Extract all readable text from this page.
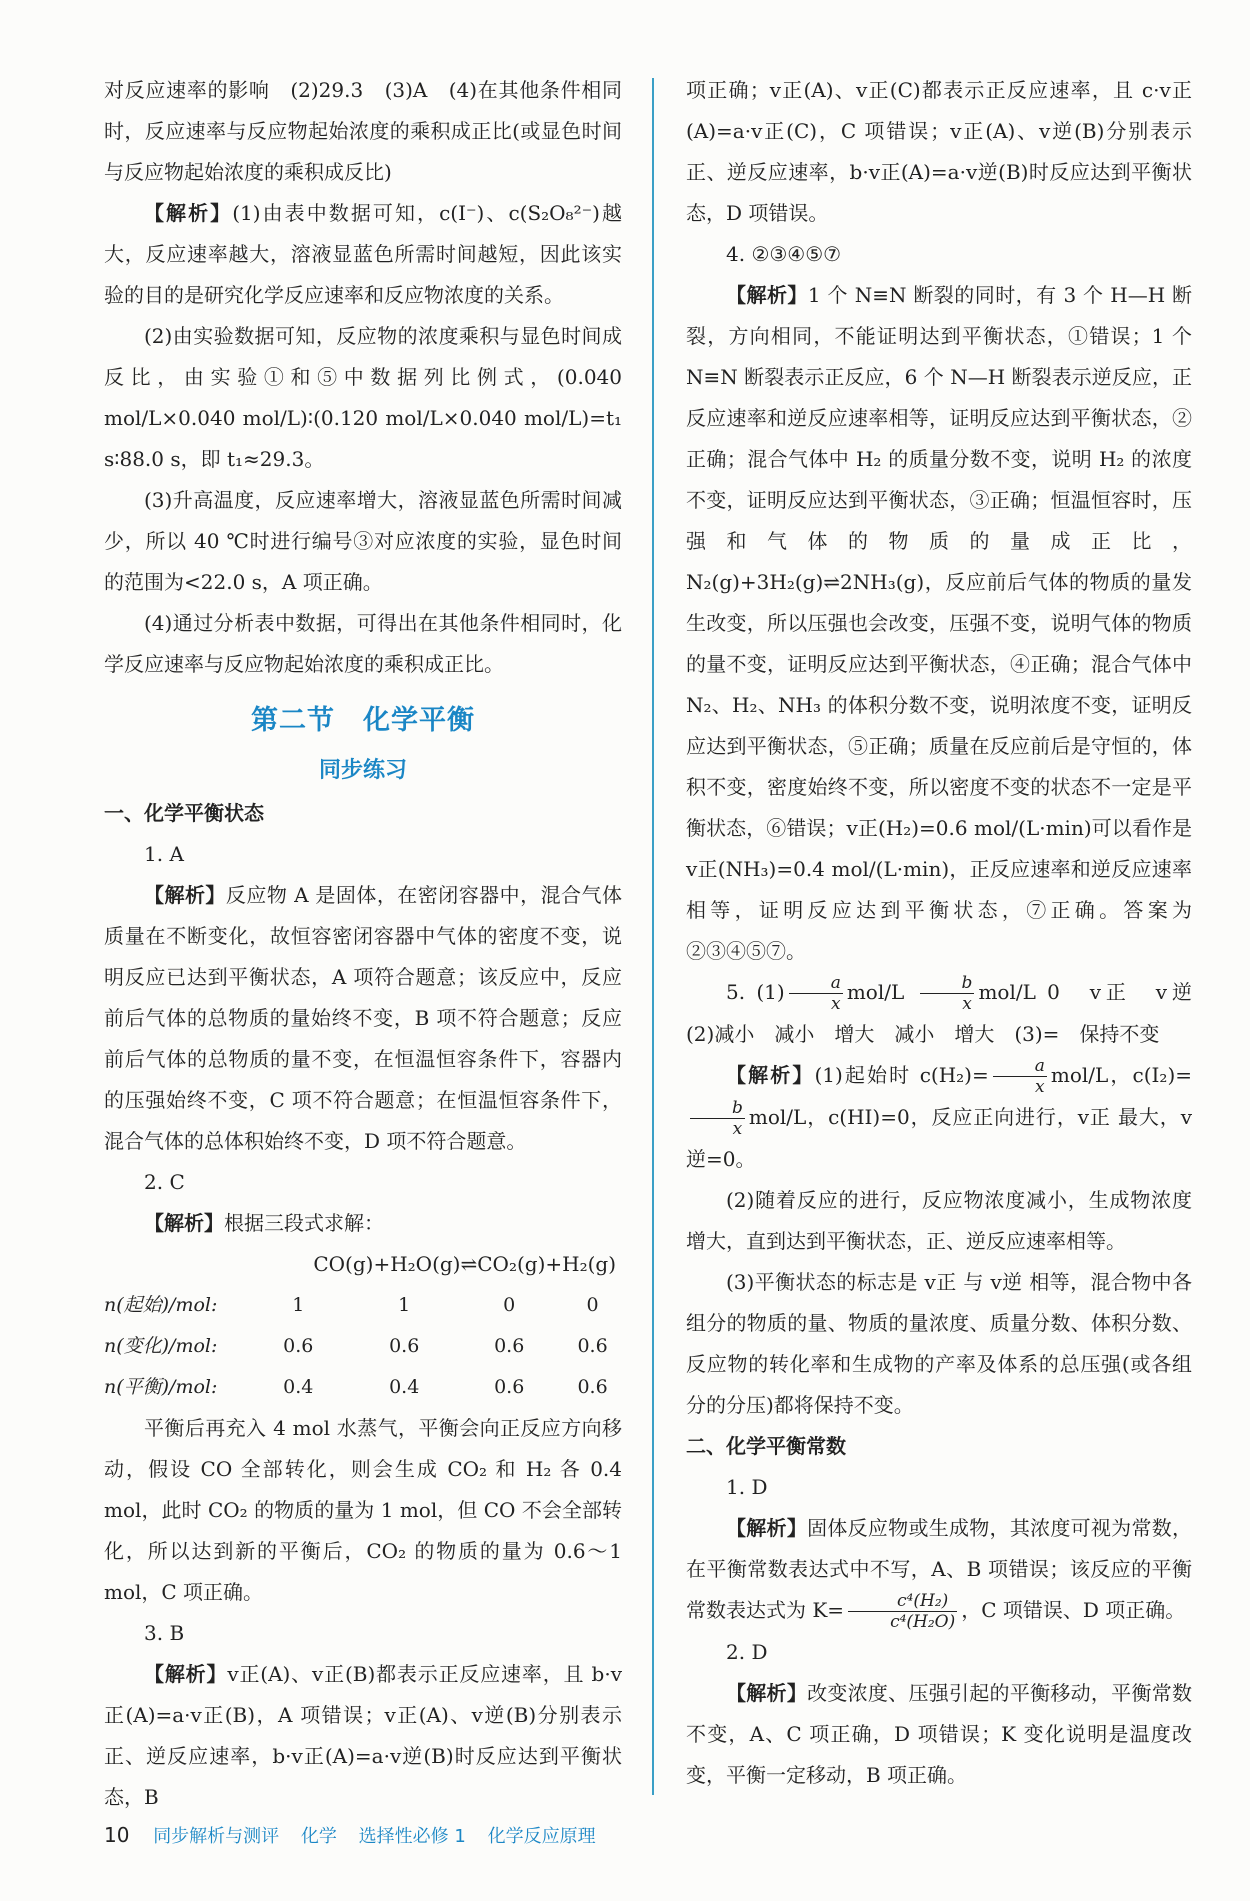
对反应速率的影响　(2)29.3　(3)A　(4)在其他条件相同时，反应速率与反应物起始浓度的乘积成正比(或显色时间与反应物起始浓度的乘积成反比)

【解析】(1)由表中数据可知，c(I⁻)、c(S₂O₈²⁻)越大，反应速率越大，溶液显蓝色所需时间越短，因此该实验的目的是研究化学反应速率和反应物浓度的关系。

(2)由实验数据可知，反应物的浓度乘积与显色时间成反比，由实验①和⑤中数据列比例式，(0.040 mol/L×0.040 mol/L)∶(0.120 mol/L×0.040 mol/L)=t₁ s∶88.0 s，即 t₁≈29.3。

(3)升高温度，反应速率增大，溶液显蓝色所需时间减少，所以 40 ℃时进行编号③对应浓度的实验，显色时间的范围为<22.0 s，A 项正确。

(4)通过分析表中数据，可得出在其他条件相同时，化学反应速率与反应物起始浓度的乘积成正比。

第二节　化学平衡
同步练习

一、化学平衡状态

1. A

【解析】反应物 A 是固体，在密闭容器中，混合气体质量在不断变化，故恒容密闭容器中气体的密度不变，说明反应已达到平衡状态，A 项符合题意；该反应中，反应前后气体的总物质的量始终不变，B 项不符合题意；反应前后气体的总物质的量不变，在恒温恒容条件下，容器内的压强始终不变，C 项不符合题意；在恒温恒容条件下，混合气体的总体积始终不变，D 项不符合题意。

2. C

【解析】根据三段式求解：

CO(g)+H₂O(g)⇌CO₂(g)+H₂(g)

n(起始)/mol:	1	1	0	0
n(变化)/mol:	0.6	0.6	0.6	0.6
n(平衡)/mol:	0.4	0.4	0.6	0.6

平衡后再充入 4 mol 水蒸气，平衡会向正反应方向移动，假设 CO 全部转化，则会生成 CO₂ 和 H₂ 各 0.4 mol，此时 CO₂ 的物质的量为 1 mol，但 CO 不会全部转化，所以达到新的平衡后，CO₂ 的物质的量为 0.6～1 mol，C 项正确。

3. B

【解析】v正(A)、v正(B)都表示正反应速率，且 b·v正(A)=a·v正(B)，A 项错误；v正(A)、v逆(B)分别表示正、逆反应速率，b·v正(A)=a·v逆(B)时反应达到平衡状态，B

项正确；v正(A)、v正(C)都表示正反应速率，且 c·v正(A)=a·v正(C)，C 项错误；v正(A)、v逆(B)分别表示正、逆反应速率，b·v正(A)=a·v逆(B)时反应达到平衡状态，D 项错误。

4. ②③④⑤⑦

【解析】1 个 N≡N 断裂的同时，有 3 个 H—H 断裂，方向相同，不能证明达到平衡状态，①错误；1 个 N≡N 断裂表示正反应，6 个 N—H 断裂表示逆反应，正反应速率和逆反应速率相等，证明反应达到平衡状态，②正确；混合气体中 H₂ 的质量分数不变，说明 H₂ 的浓度不变，证明反应达到平衡状态，③正确；恒温恒容时，压强和气体的物质的量成正比，N₂(g)+3H₂(g)⇌2NH₃(g)，反应前后气体的物质的量发生改变，所以压强也会改变，压强不变，说明气体的物质的量不变，证明反应达到平衡状态，④正确；混合气体中 N₂、H₂、NH₃ 的体积分数不变，说明浓度不变，证明反应达到平衡状态，⑤正确；质量在反应前后是守恒的，体积不变，密度始终不变，所以密度不变的状态不一定是平衡状态，⑥错误；v正(H₂)=0.6 mol/(L·min)可以看作是 v正(NH₃)=0.4 mol/(L·min)，正反应速率和逆反应速率相等，证明反应达到平衡状态，⑦正确。答案为②③④⑤⑦。

5. $(1) \frac{a}{x} mol/L \frac{b}{x} mol/L$ 0　v正　v逆　(2)减小　减小　增大　减小　增大　(3)=　保持不变

【解析】(1)起始时 $c(H_2)= \frac{a}{x} mol/L$，c(I₂)=
$\frac{b}{x} mol/L$，c(HI)=0，反应正向进行，v正 最大，v逆=0。

(2)随着反应的进行，反应物浓度减小，生成物浓度增大，直到达到平衡状态，正、逆反应速率相等。

(3)平衡状态的标志是 v正 与 v逆 相等，混合物中各组分的物质的量、物质的量浓度、质量分数、体积分数、反应物的转化率和生成物的产率及体系的总压强(或各组分的分压)都将保持不变。

二、化学平衡常数

1. D

【解析】固体反应物或生成物，其浓度可视为常数，在平衡常数表达式中不写，A、B 项错误；该反应的平衡常数表达式为 $K= \frac{\text{c⁴(H₂)}}{\text{c⁴(H₂O)}}$ ，C 项错误、D 项正确。

2. D

【解析】改变浓度、压强引起的平衡移动，平衡常数不变，A、C 项正确，D 项错误；K 变化说明是温度改变，平衡一定移动，B 项正确。

10 同步解析与测评 化学 选择性必修 1 化学反应原理
